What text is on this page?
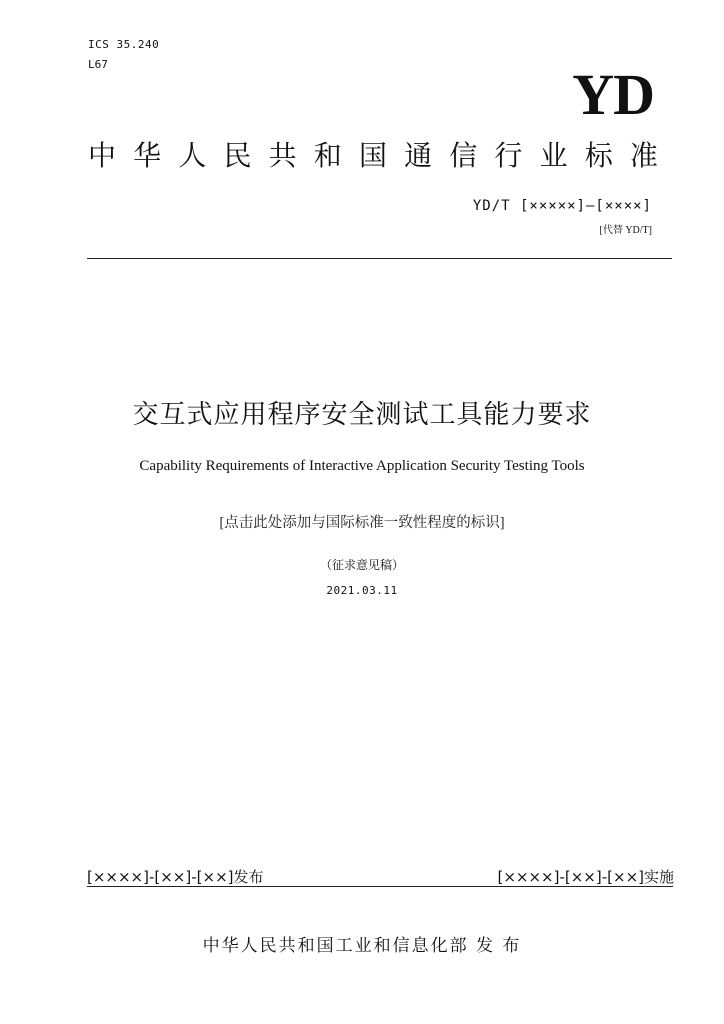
ICS 35.240
L67	YD
中 华 人 民 共 和 国 通 信 行 业 标 准
YD/T [×××××]—[××××]
[代替 YD/T]
交互式应用程序安全测试工具能力要求
Capability Requirements of Interactive Application Security Testing Tools
[点击此处添加与国际标准一致性程度的标识]
（征求意见稿）
2021.03.11
[××××]-[××]-[××]发布	[××××]-[××]-[××]实施
中华人民共和国工业和信息化部 发 布
